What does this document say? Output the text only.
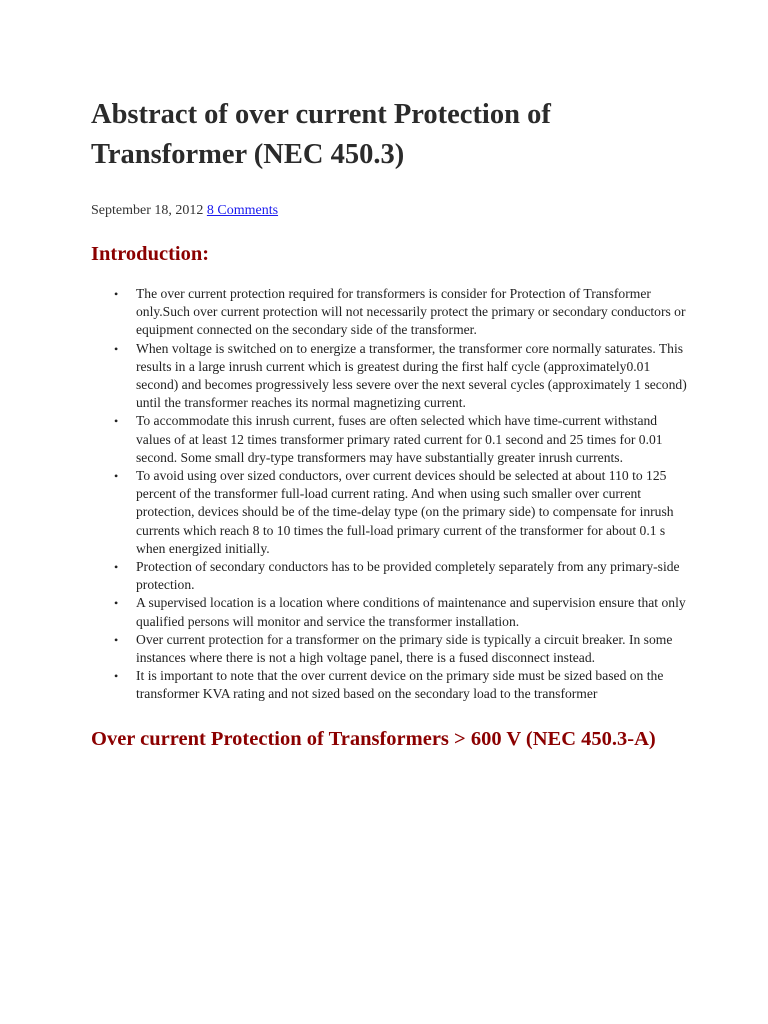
Abstract of over current Protection of Transformer (NEC 450.3)
September 18, 2012 8 Comments
Introduction:
• The over current protection required for transformers is consider for Protection of Transformer only.Such over current protection will not necessarily protect the primary or secondary conductors or equipment connected on the secondary side of the transformer.
• When voltage is switched on to energize a transformer, the transformer core normally saturates. This results in a large inrush current which is greatest during the first half cycle (approximately0.01 second) and becomes progressively less severe over the next several cycles (approximately 1 second) until the transformer reaches its normal magnetizing current.
• To accommodate this inrush current, fuses are often selected which have time-current withstand values of at least 12 times transformer primary rated current for 0.1 second and 25 times for 0.01 second. Some small dry-type transformers may have substantially greater inrush currents.
• To avoid using over sized conductors, over current devices should be selected at about 110 to 125 percent of the transformer full-load current rating. And when using such smaller over current protection, devices should be of the time-delay type (on the primary side) to compensate for inrush currents which reach 8 to 10 times the full-load primary current of the transformer for about 0.1 s when energized initially.
• Protection of secondary conductors has to be provided completely separately from any primary-side protection.
• A supervised location is a location where conditions of maintenance and supervision ensure that only qualified persons will monitor and service the transformer installation.
• Over current protection for a transformer on the primary side is typically a circuit breaker. In some instances where there is not a high voltage panel, there is a fused disconnect instead.
• It is important to note that the over current device on the primary side must be sized based on the transformer KVA rating and not sized based on the secondary load to the transformer
Over current Protection of Transformers > 600 V (NEC 450.3-A)
